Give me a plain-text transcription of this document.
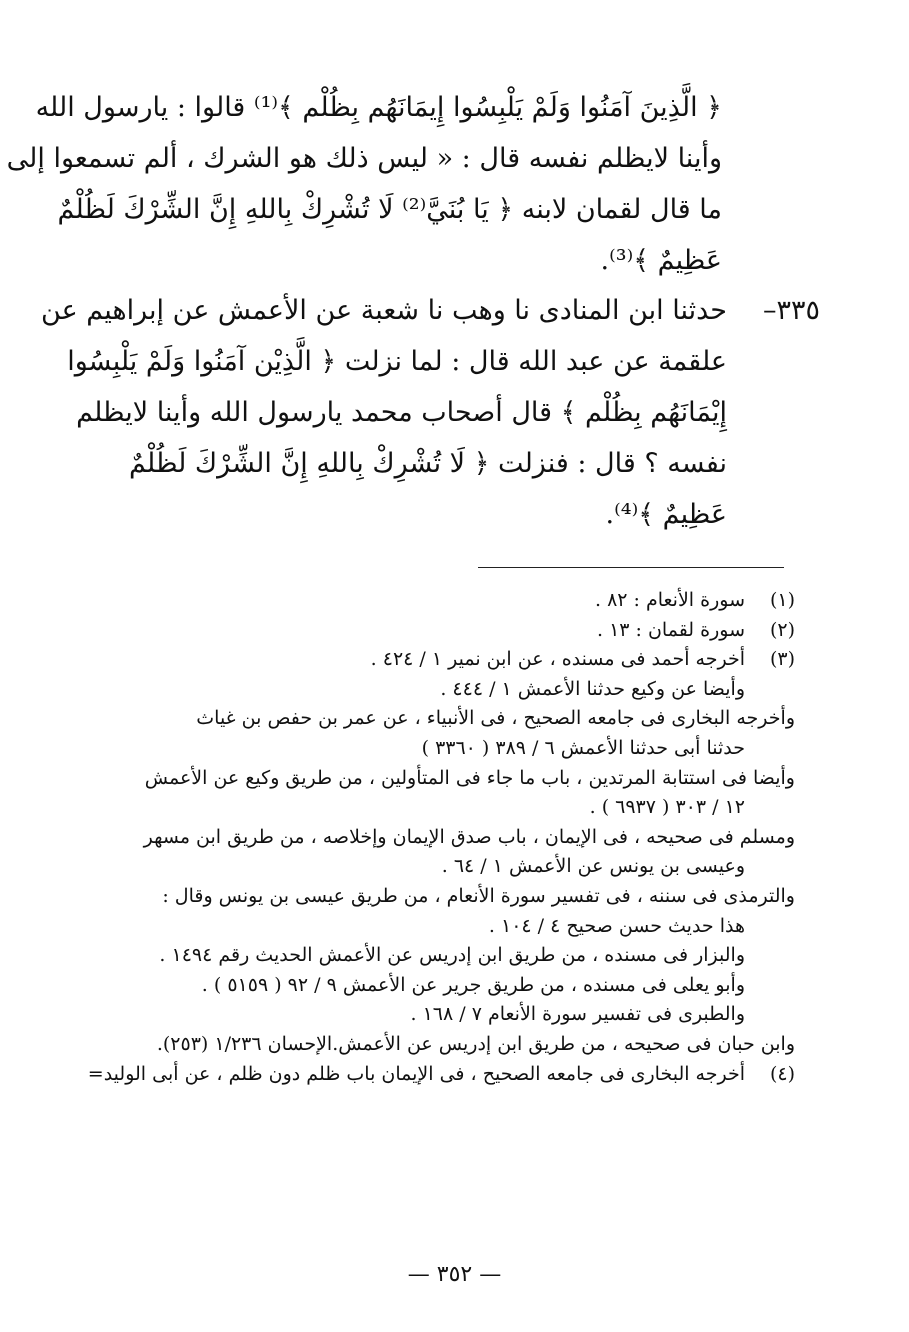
﴿ الَّذِينَ آمَنُوا وَلَمْ يَلْبِسُوا إِيمَانَهُم بِظُلْم ﴾⁽¹⁾ قالوا : يارسول الله
وأينا لايظلم نفسه قال : « ليس ذلك هو الشرك ، ألم تسمعوا إلى
ما قال لقمان لابنه ﴿ يَا بُنَيَّ⁽²⁾ لَا تُشْرِكْ بِاللهِ إِنَّ الشِّرْكَ لَظُلْمٌ
عَظِيمٌ ﴾⁽³⁾.
٣٣٥–
حدثنا ابن المنادى نا وهب نا شعبة عن الأعمش عن إبراهيم عن
علقمة عن عبد الله قال : لما نزلت ﴿ الَّذِيْن آمَنُوا وَلَمْ يَلْبِسُوا
إِيْمَانَهُم بِظُلْم ﴾ قال أصحاب محمد يارسول الله وأينا لايظلم
نفسه ؟ قال : فنزلت ﴿ لَا تُشْرِكْ بِاللهِ إِنَّ الشِّرْكَ لَظُلْمٌ
عَظِيمٌ ﴾⁽⁴⁾.
(١)
سورة الأنعام : ٨٢ .
(٢)
سورة لقمان : ١٣ .
(٣)
أخرجه أحمد فى مسنده ، عن ابن نمير ١ / ٤٢٤ .
وأيضا عن وكيع حدثنا الأعمش ١ / ٤٤٤ .
وأخرجه البخارى فى جامعه الصحيح ، فى الأنبياء ، عن عمر بن حفص بن غياث
حدثنا أبى حدثنا الأعمش ٦ / ٣٨٩ ( ٣٣٦٠ )
وأيضا فى استتابة المرتدين ، باب ما جاء فى المتأولين ، من طريق وكيع عن الأعمش
١٢ / ٣٠٣ ( ٦٩٣٧ ) .
ومسلم فى صحيحه ، فى الإيمان ، باب صدق الإيمان وإخلاصه ، من طريق ابن مسهر
وعيسى بن يونس عن الأعمش ١ / ٦٤ .
والترمذى فى سننه ، فى تفسير سورة الأنعام ، من طريق عيسى بن يونس وقال :
هذا حديث حسن صحيح ٤ / ١٠٤ .
والبزار فى مسنده ، من طريق ابن إدريس عن الأعمش الحديث رقم ١٤٩٤ .
وأبو يعلى فى مسنده ، من طريق جرير عن الأعمش ٩ / ٩٢ ( ٥١٥٩ ) .
والطبرى فى تفسير سورة الأنعام ٧ / ١٦٨ .
وابن حبان فى صحيحه ، من طريق ابن إدريس عن الأعمش.الإحسان ١/٢٣٦ (٢٥٣).
(٤)
أخرجه البخارى فى جامعه الصحيح ، فى الإيمان باب ظلم دون ظلم ، عن أبى الوليد=
— ٣٥٢ —
